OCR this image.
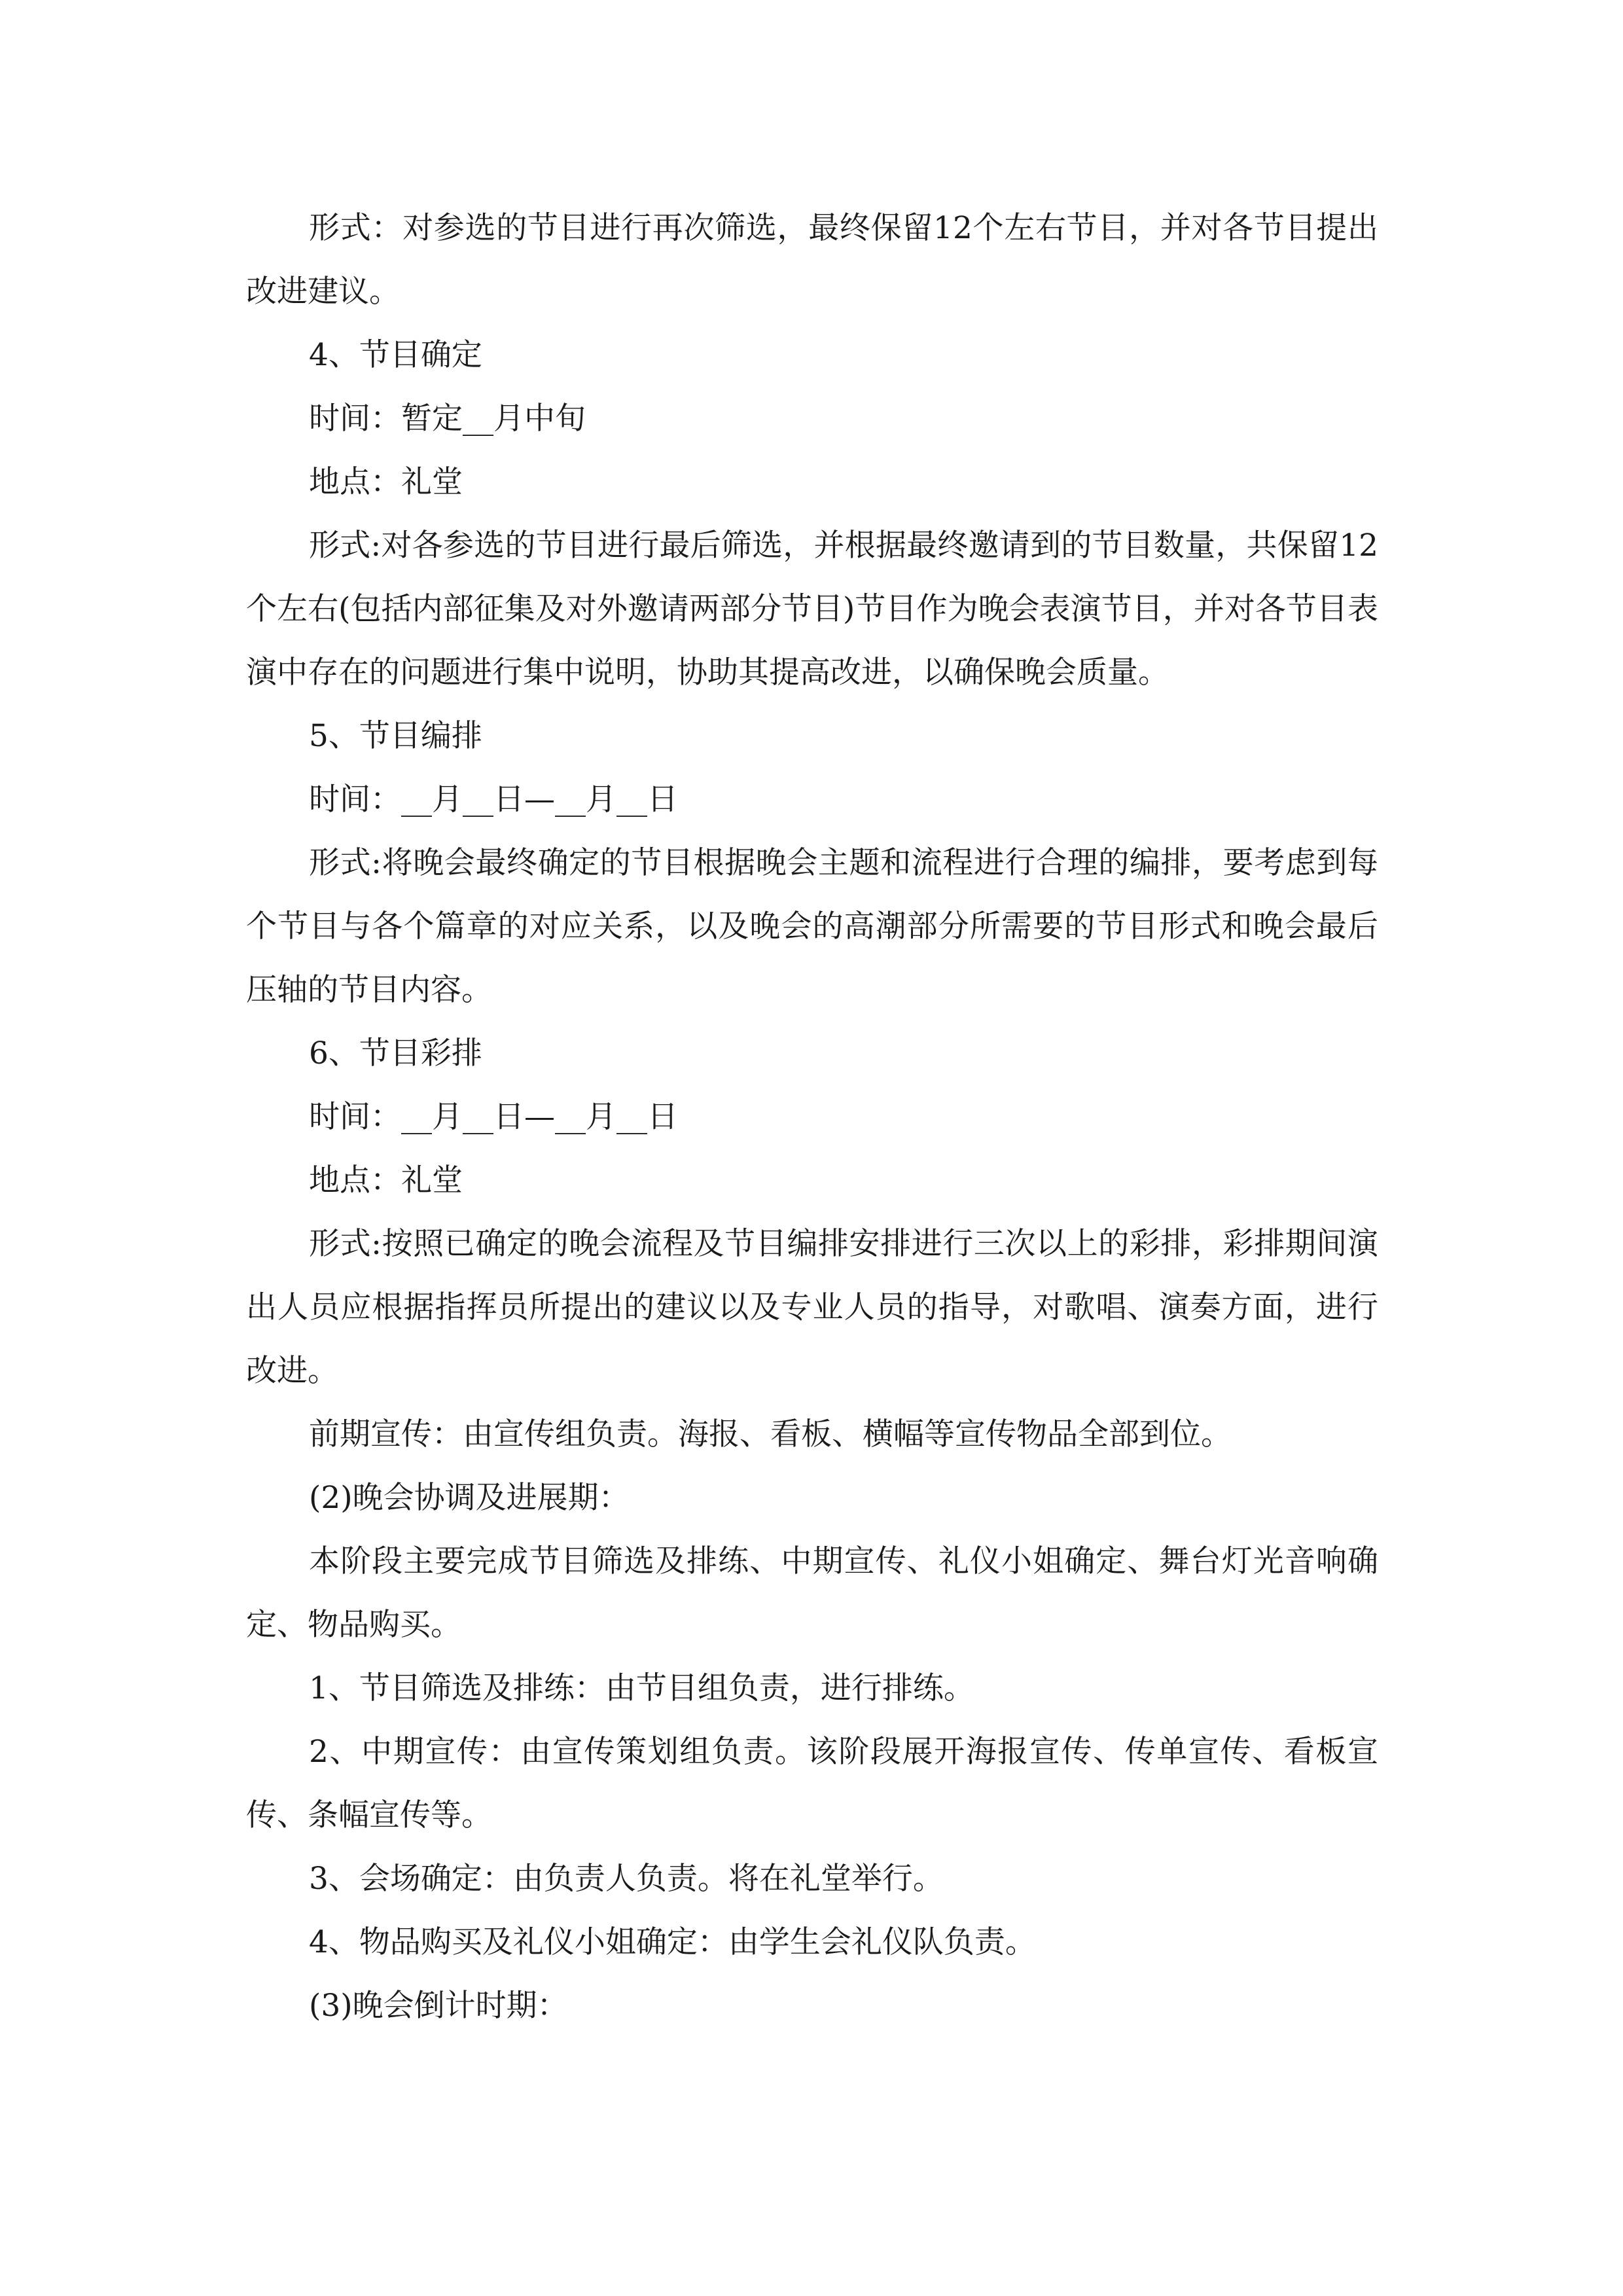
形式：对参选的节目进行再次筛选，最终保留12个左右节目，并对各节目提出改进建议。

4、节目确定

时间：暂定__月中旬

地点：礼堂

形式:对各参选的节目进行最后筛选，并根据最终邀请到的节目数量，共保留12个左右(包括内部征集及对外邀请两部分节目)节目作为晚会表演节目，并对各节目表演中存在的问题进行集中说明，协助其提高改进，以确保晚会质量。

5、节目编排

时间：__月__日—__月__日

形式:将晚会最终确定的节目根据晚会主题和流程进行合理的编排，要考虑到每个节目与各个篇章的对应关系，以及晚会的高潮部分所需要的节目形式和晚会最后压轴的节目内容。

6、节目彩排

时间：__月__日—__月__日

地点：礼堂

形式:按照已确定的晚会流程及节目编排安排进行三次以上的彩排，彩排期间演出人员应根据指挥员所提出的建议以及专业人员的指导，对歌唱、演奏方面，进行改进。

前期宣传：由宣传组负责。海报、看板、横幅等宣传物品全部到位。

(2)晚会协调及进展期：

本阶段主要完成节目筛选及排练、中期宣传、礼仪小姐确定、舞台灯光音响确定、物品购买。

1、节目筛选及排练：由节目组负责，进行排练。

2、中期宣传：由宣传策划组负责。该阶段展开海报宣传、传单宣传、看板宣传、条幅宣传等。

3、会场确定：由负责人负责。将在礼堂举行。

4、物品购买及礼仪小姐确定：由学生会礼仪队负责。

(3)晚会倒计时期：
